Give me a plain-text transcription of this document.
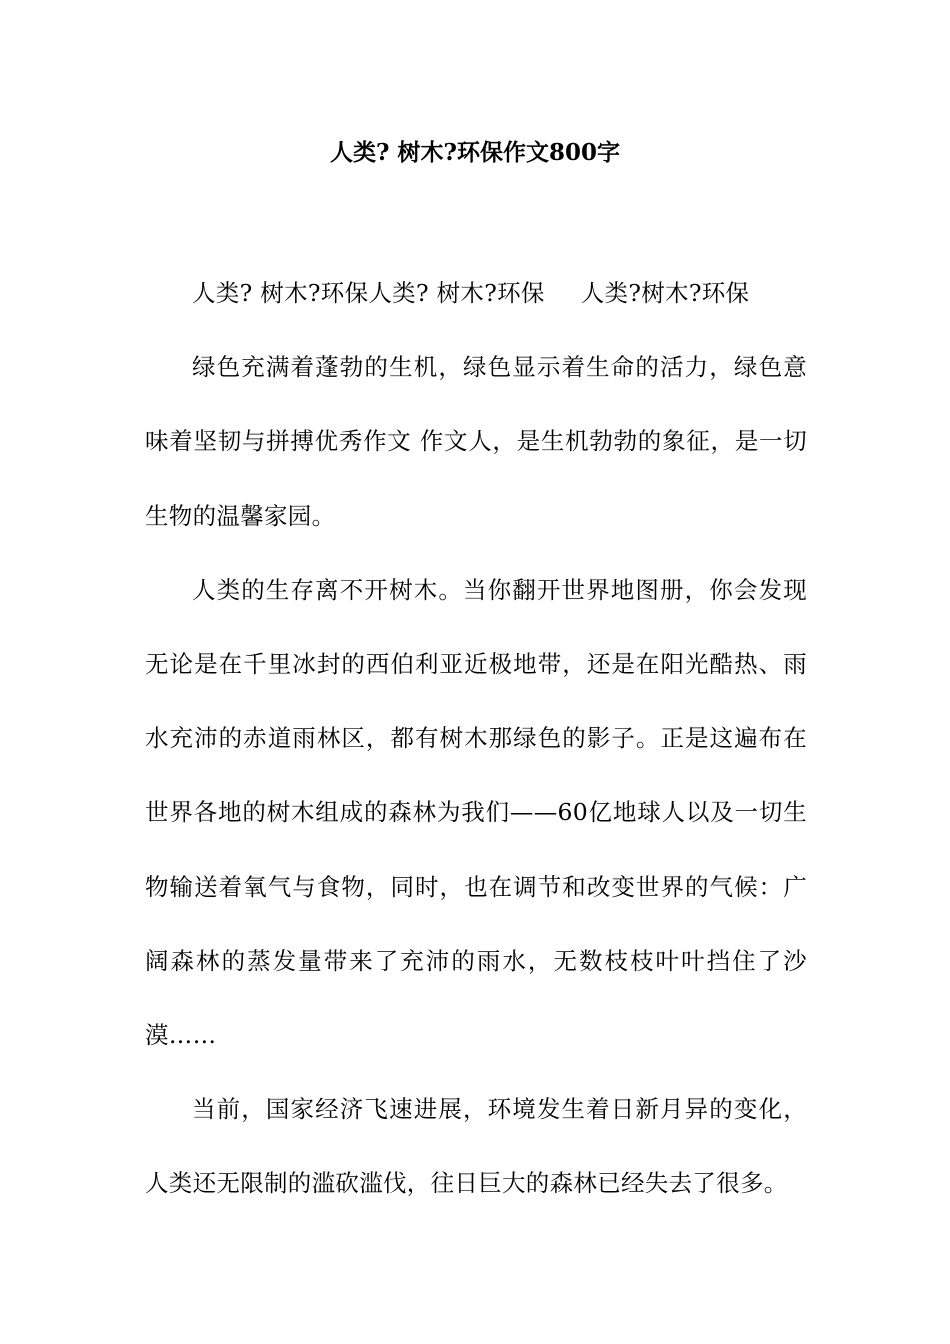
人类? 树木?环保作文800字

人类? 树木?环保人类? 树木?环保 人类?树木?环保

绿色充满着蓬勃的生机，绿色显示着生命的活力，绿色意味着坚韧与拼搏优秀作文 作文人，是生机勃勃的象征，是一切生物的温馨家园。

人类的生存离不开树木。当你翻开世界地图册，你会发现无论是在千里冰封的西伯利亚近极地带，还是在阳光酷热、雨水充沛的赤道雨林区，都有树木那绿色的影子。正是这遍布在世界各地的树木组成的森林为我们——60亿地球人以及一切生物输送着氧气与食物，同时，也在调节和改变世界的气候：广阔森林的蒸发量带来了充沛的雨水，无数枝枝叶叶挡住了沙漠……

当前，国家经济飞速进展，环境发生着日新月异的变化，人类还无限制的滥砍滥伐，往日巨大的森林已经失去了很多。
